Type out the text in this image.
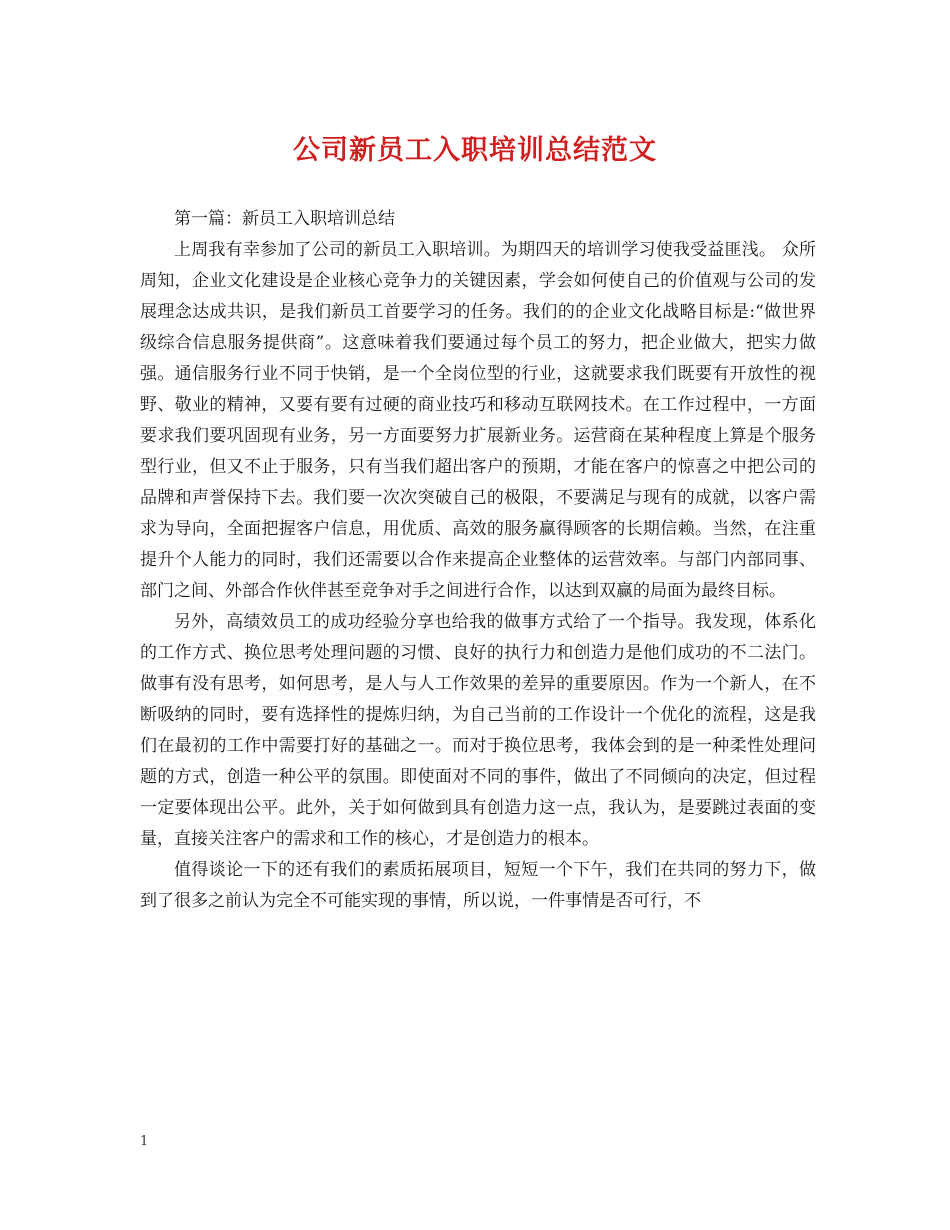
公司新员工入职培训总结范文

第一篇：新员工入职培训总结

上周我有幸参加了公司的新员工入职培训。为期四天的培训学习使我受益匪浅。 众所周知，企业文化建设是企业核心竞争力的关键因素，学会如何使自己的价值观与公司的发展理念达成共识，是我们新员工首要学习的任务。我们的的企业文化战略目标是:“做世界级综合信息服务提供商”。这意味着我们要通过每个员工的努力，把企业做大，把实力做强。通信服务行业不同于快销，是一个全岗位型的行业，这就要求我们既要有开放性的视野、敬业的精神，又要有要有过硬的商业技巧和移动互联网技术。在工作过程中，一方面要求我们要巩固现有业务，另一方面要努力扩展新业务。运营商在某种程度上算是个服务型行业，但又不止于服务，只有当我们超出客户的预期，才能在客户的惊喜之中把公司的品牌和声誉保持下去。我们要一次次突破自己的极限，不要满足与现有的成就，以客户需求为导向，全面把握客户信息，用优质、高效的服务赢得顾客的长期信赖。当然，在注重提升个人能力的同时，我们还需要以合作来提高企业整体的运营效率。与部门内部同事、部门之间、外部合作伙伴甚至竞争对手之间进行合作，以达到双赢的局面为最终目标。

另外，高绩效员工的成功经验分享也给我的做事方式给了一个指导。我发现，体系化的工作方式、换位思考处理问题的习惯、良好的执行力和创造力是他们成功的不二法门。做事有没有思考，如何思考，是人与人工作效果的差异的重要原因。作为一个新人，在不断吸纳的同时，要有选择性的提炼归纳，为自己当前的工作设计一个优化的流程，这是我们在最初的工作中需要打好的基础之一。而对于换位思考，我体会到的是一种柔性处理问题的方式，创造一种公平的氛围。即使面对不同的事件，做出了不同倾向的决定，但过程一定要体现出公平。此外，关于如何做到具有创造力这一点，我认为，是要跳过表面的变量，直接关注客户的需求和工作的核心，才是创造力的根本。

值得谈论一下的还有我们的素质拓展项目，短短一个下午，我们在共同的努力下，做到了很多之前认为完全不可能实现的事情，所以说，一件事情是否可行，不

1
